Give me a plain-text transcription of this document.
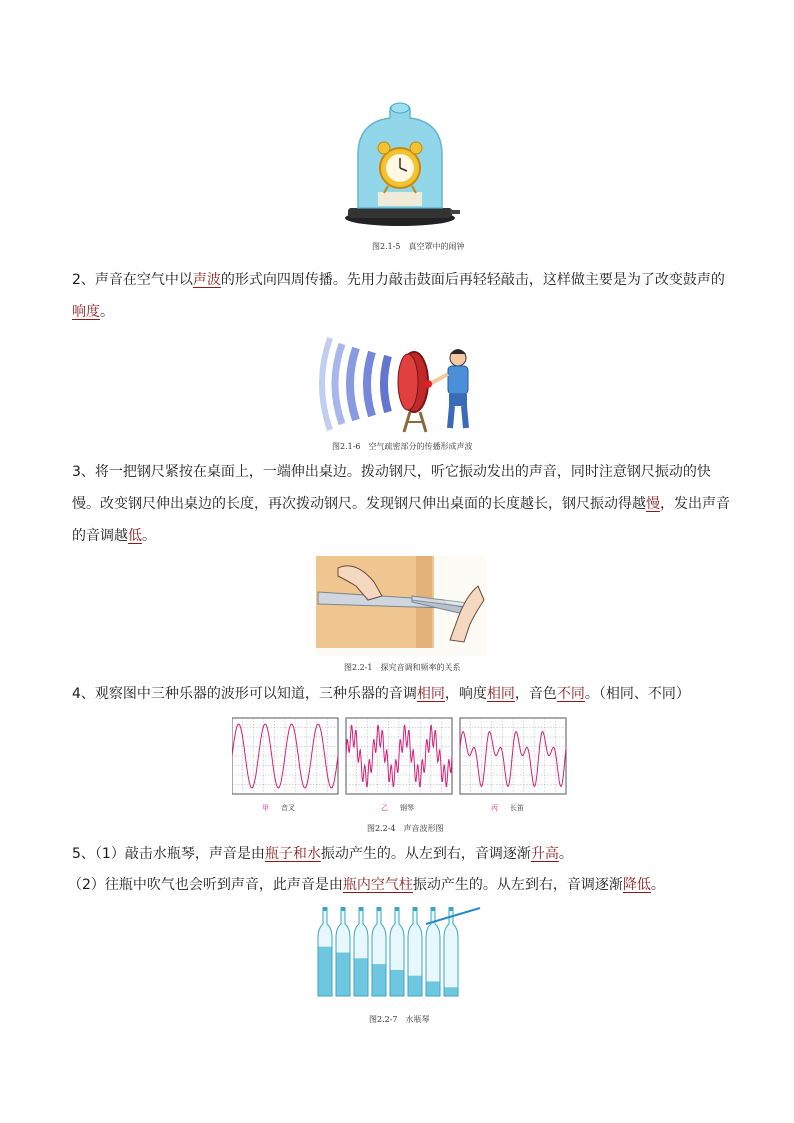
图2.1-5　真空罩中的闹钟
2、声音在空气中以声波的形式向四周传播。先用力敲击鼓面后再轻轻敲击，这样做主要是为了改变鼓声的响度。
图2.1-6　空气疏密部分的传播形成声波
3、将一把钢尺紧按在桌面上，一端伸出桌边。拨动钢尺，听它振动发出的声音，同时注意钢尺振动的快慢。改变钢尺伸出桌边的长度，再次拨动钢尺。发现钢尺伸出桌面的长度越长，钢尺振动得越慢，发出声音的音调越低。
图2.2-1　探究音调和频率的关系
4、观察图中三种乐器的波形可以知道，三种乐器的音调相同，响度相同，音色不同。（相同、不同）
甲 音叉	乙 钢琴	丙 长笛
图2.2-4　声音波形图
5、（1）敲击水瓶琴，声音是由瓶子和水振动产生的。从左到右，音调逐渐升高。
（2）往瓶中吹气也会听到声音，此声音是由瓶内空气柱振动产生的。从左到右，音调逐渐降低。
图2.2-7　水瓶琴
